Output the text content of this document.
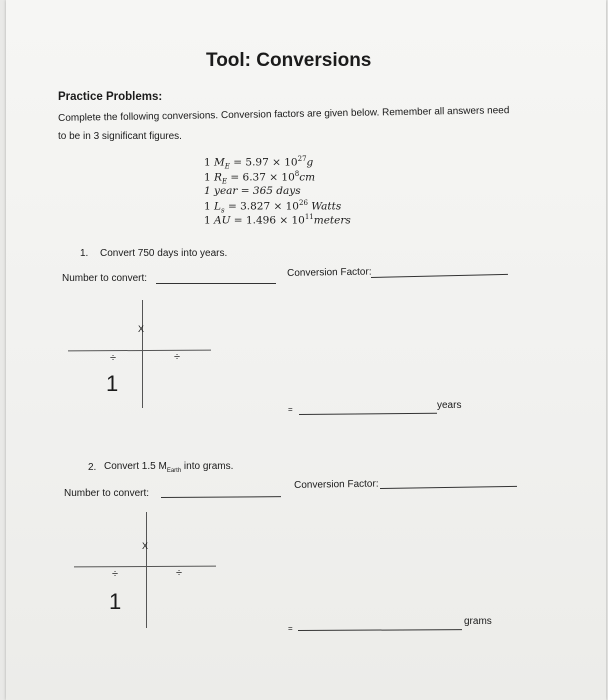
Tool: Conversions
Practice Problems:
Complete the following conversions. Conversion factors are given below. Remember all answers need
to be in 3 significant figures.
1 $M_E = 5.97 \times 10^{27}g$
1 $R_E = 6.37 \times 10^8cm$
1 year = 365 days
1 $L_s = 3.827 \times 10^{26}$ Watts
1 AU = $1.496 \times 10^{11}meters$
1. Convert 750 days into years.
Number to convert:	Conversion Factor:
X
÷	÷
1
=	years
2. Convert 1.5 $M_{Earth}$ into grams.
Number to convert:
Conversion Factor:
X
÷	÷
1
=
grams
